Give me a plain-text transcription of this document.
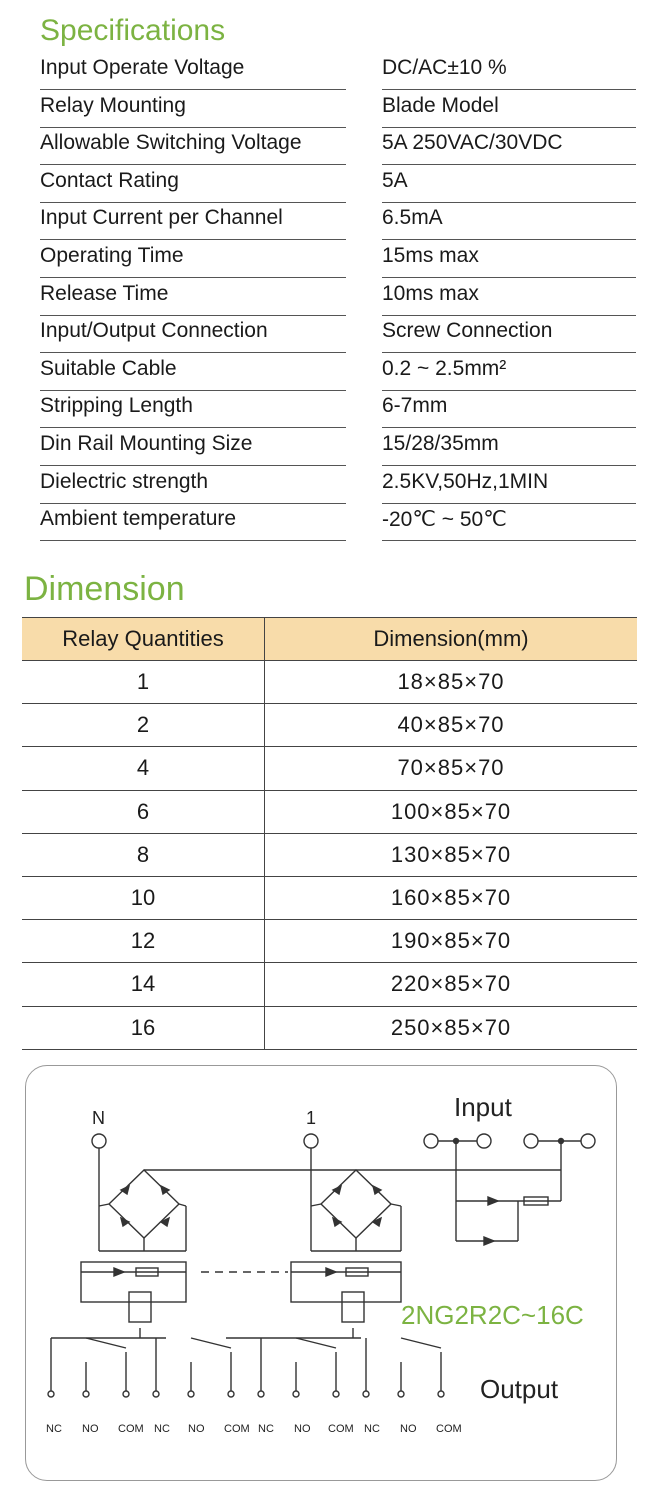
Specifications
Input Operate Voltage	DC/AC±10 %
Relay Mounting	Blade Model
Allowable Switching Voltage	5A 250VAC/30VDC
Contact Rating	5A
Input Current per Channel	6.5mA
Operating Time	15ms max
Release Time	10ms max
Input/Output Connection	Screw Connection
Suitable Cable	0.2 ~ 2.5mm²
Stripping Length	6-7mm
Din Rail Mounting Size	15/28/35mm
Dielectric strength	2.5KV,50Hz,1MIN
Ambient temperature	-20℃ ~ 50℃
Dimension
Relay Quantities	Dimension(mm)
1	18×85×70
2	40×85×70
4	70×85×70
6	100×85×70
8	130×85×70
10	160×85×70
12	190×85×70
14	220×85×70
16	250×85×70
N	1	Input
Output
2NG2R2C~16C
NC NO COM NC NO COM NC NO COM NC NO COM
